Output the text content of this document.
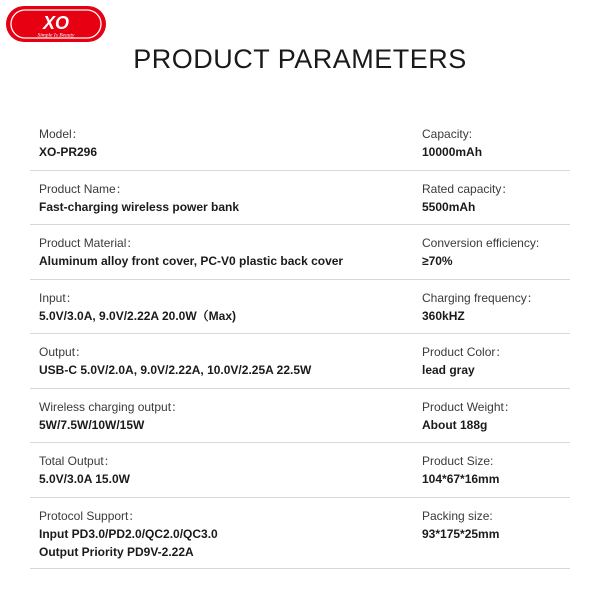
XO
Simple Is Beauty
PRODUCT PARAMETERS
Model：
XO-PR296
Capacity:
10000mAh
Product Name：
Fast-charging wireless power bank
Rated capacity：
5500mAh
Product Material：
Aluminum alloy front cover, PC-V0 plastic back cover
Conversion efficiency:
≥70%
Input：
5.0V/3.0A, 9.0V/2.22A 20.0W（Max)
Charging frequency：
360kHZ
Output：
USB-C 5.0V/2.0A, 9.0V/2.22A, 10.0V/2.25A 22.5W
Product Color：
lead gray
Wireless charging output：
5W/7.5W/10W/15W
Product Weight：
About 188g
Total Output：
5.0V/3.0A 15.0W
Product Size:
104*67*16mm
Protocol Support：
Input PD3.0/PD2.0/QC2.0/QC3.0
Output Priority PD9V-2.22A
Packing size:
93*175*25mm
